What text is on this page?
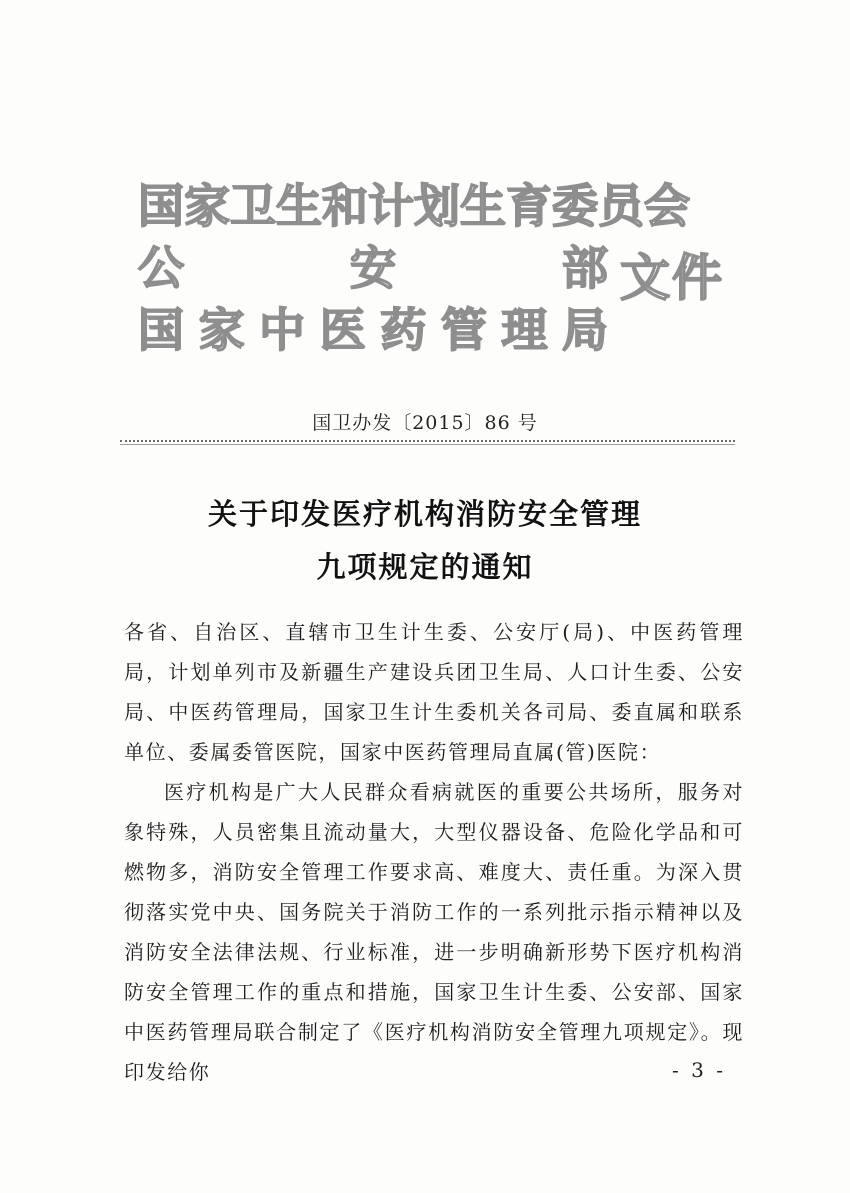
国 家 卫 生 和 计 划 生 育 委 员 会
公	安	部
国 家 中 医 药 管 理 局
文件
国卫办发〔2015〕86 号
关于印发医疗机构消防安全管理
九项规定的通知

各省、自治区、直辖市卫生计生委、公安厅(局)、中医药管理局，计划单列市及新疆生产建设兵团卫生局、人口计生委、公安局、中医药管理局，国家卫生计生委机关各司局、委直属和联系单位、委属委管医院，国家中医药管理局直属(管)医院：

医疗机构是广大人民群众看病就医的重要公共场所，服务对象特殊，人员密集且流动量大，大型仪器设备、危险化学品和可燃物多，消防安全管理工作要求高、难度大、责任重。为深入贯彻落实党中央、国务院关于消防工作的一系列批示指示精神以及消防安全法律法规、行业标准，进一步明确新形势下医疗机构消防安全管理工作的重点和措施，国家卫生计生委、公安部、国家中医药管理局联合制定了《医疗机构消防安全管理九项规定》。现印发给你	- 3 -
